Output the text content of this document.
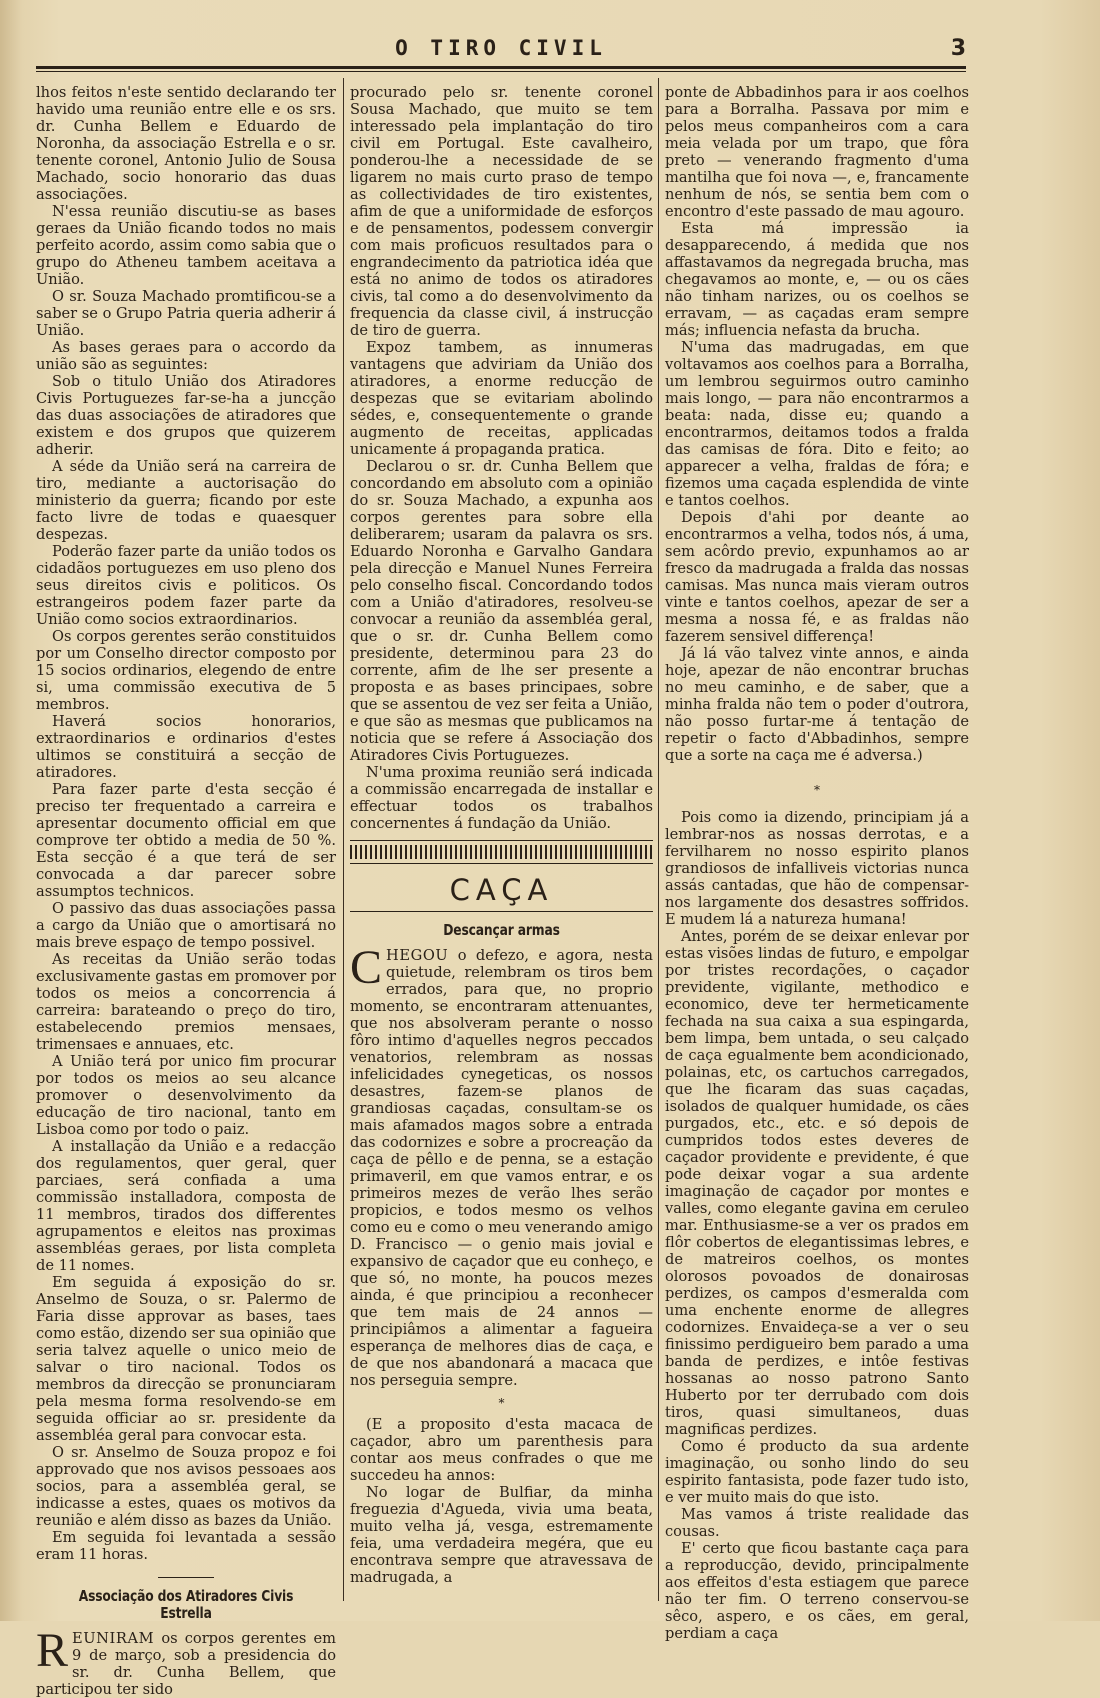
O TIRO CIVIL	3

lhos feitos n'este sentido declarando ter havido uma reunião entre elle e os srs. dr. Cunha Bellem e Eduardo de Noronha, da associação Estrella e o sr. tenente coronel, Antonio Julio de Sousa Machado, socio honorario das duas associações.

N'essa reunião discutiu-se as bases geraes da União ficando todos no mais perfeito acordo, assim como sabia que o grupo do Atheneu tambem aceitava a União.

O sr. Souza Machado promtificou-se a saber se o Grupo Patria queria adherir á União.

As bases geraes para o accordo da união são as seguintes:

Sob o titulo União dos Atiradores Civis Portuguezes far-se-ha a juncção das duas associações de atiradores que existem e dos grupos que quizerem adherir.

A séde da União será na carreira de tiro, mediante a auctorisação do ministerio da guerra; ficando por este facto livre de todas e quaesquer despezas.

Poderão fazer parte da união todos os cidadãos portuguezes em uso pleno dos seus direitos civis e politicos. Os estrangeiros podem fazer parte da União como socios extraordinarios.

Os corpos gerentes serão constituidos por um Conselho director composto por 15 socios ordinarios, elegendo de entre si, uma commissão executiva de 5 membros.

Haverá socios honorarios, extraordinarios e ordinarios d'estes ultimos se constituirá a secção de atiradores.

Para fazer parte d'esta secção é preciso ter frequentado a carreira e apresentar documento official em que comprove ter obtido a media de 50 %. Esta secção é a que terá de ser convocada a dar parecer sobre assumptos technicos.

O passivo das duas associações passa a cargo da União que o amortisará no mais breve espaço de tempo possivel.

As receitas da União serão todas exclusivamente gastas em promover por todos os meios a concorrencia á carreira: barateando o preço do tiro, estabelecendo premios mensaes, trimensaes e annuaes, etc.

A União terá por unico fim procurar por todos os meios ao seu alcance promover o desenvolvimento da educação de tiro nacional, tanto em Lisboa como por todo o paiz.

A installação da União e a redacção dos regulamentos, quer geral, quer parciaes, será confiada a uma commissão installadora, composta de 11 membros, tirados dos differentes agrupamentos e eleitos nas proximas assembléas geraes, por lista completa de 11 nomes.

Em seguida á exposição do sr. Anselmo de Souza, o sr. Palermo de Faria disse approvar as bases, taes como estão, dizendo ser sua opinião que seria talvez aquelle o unico meio de salvar o tiro nacional. Todos os membros da direcção se pronunciaram pela mesma forma resolvendo-se em seguida officiar ao sr. presidente da assembléa geral para convocar esta.

O sr. Anselmo de Souza propoz e foi approvado que nos avisos pessoaes aos socios, para a assembléa geral, se indicasse a estes, quaes os motivos da reunião e além disso as bazes da União.

Em seguida foi levantada a sessão eram 11 horas.

Associação dos Atiradores Civis Estrella

REUNIRAM os corpos gerentes em 9 de março, sob a presidencia do sr. dr. Cunha Bellem, que participou ter sido

procurado pelo sr. tenente coronel Sousa Machado, que muito se tem interessado pela implantação do tiro civil em Portugal. Este cavalheiro, ponderou-lhe a necessidade de se ligarem no mais curto praso de tempo as collectividades de tiro existentes, afim de que a uniformidade de esforços e de pensamentos, podessem convergir com mais proficuos resultados para o engrandecimento da patriotica idéa que está no animo de todos os atiradores civis, tal como a do desenvolvimento da frequencia da classe civil, á instrucção de tiro de guerra.

Expoz tambem, as innumeras vantagens que adviriam da União dos atiradores, a enorme reducção de despezas que se evitariam abolindo sédes, e, consequentemente o grande augmento de receitas, applicadas unicamente á propaganda pratica.

Declarou o sr. dr. Cunha Bellem que concordando em absoluto com a opinião do sr. Souza Machado, a expunha aos corpos gerentes para sobre ella deliberarem; usaram da palavra os srs. Eduardo Noronha e Garvalho Gandara pela direcção e Manuel Nunes Ferreira pelo conselho fiscal. Concordando todos com a União d'atiradores, resolveu-se convocar a reunião da assembléa geral, que o sr. dr. Cunha Bellem como presidente, determinou para 23 do corrente, afim de lhe ser presente a proposta e as bases principaes, sobre que se assentou de vez ser feita a União, e que são as mesmas que publicamos na noticia que se refere á Associação dos Atiradores Civis Portuguezes.

N'uma proxima reunião será indicada a commissão encarregada de installar e effectuar todos os trabalhos concernentes á fundação da União.

CAÇA
Descançar armas

CHEGOU o defezo, e agora, nesta quietude, relembram os tiros bem errados, para que, no proprio momento, se encontraram attenuantes, que nos absolveram perante o nosso fôro intimo d'aquelles negros peccados venatorios, relembram as nossas infelicidades cynegeticas, os nossos desastres, fazem-se planos de grandiosas caçadas, consultam-se os mais afamados magos sobre a entrada das codornizes e sobre a procreação da caça de pêllo e de penna, se a estação primaveril, em que vamos entrar, e os primeiros mezes de verão lhes serão propicios, e todos mesmo os velhos como eu e como o meu venerando amigo D. Francisco — o genio mais jovial e expansivo de caçador que eu conheço, e que só, no monte, ha poucos mezes ainda, é que principiou a reconhecer que tem mais de 24 annos — principiâmos a alimentar a fagueira esperança de melhores dias de caça, e de que nos abandonará a macaca que nos perseguia sempre.

*

(E a proposito d'esta macaca de caçador, abro um parenthesis para contar aos meus confrades o que me succedeu ha annos:

No logar de Bulfiar, da minha freguezia d'Agueda, vivia uma beata, muito velha já, vesga, estremamente feia, uma verdadeira megéra, que eu encontrava sempre que atravessava de madrugada, a

ponte de Abbadinhos para ir aos coelhos para a Borralha. Passava por mim e pelos meus companheiros com a cara meia velada por um trapo, que fôra preto — venerando fragmento d'uma mantilha que foi nova —, e, francamente nenhum de nós, se sentia bem com o encontro d'este passado de mau agouro.

Esta má impressão ia desapparecendo, á medida que nos affastavamos da negregada brucha, mas chegavamos ao monte, e, — ou os cães não tinham narizes, ou os coelhos se erravam, — as caçadas eram sempre más; influencia nefasta da brucha.

N'uma das madrugadas, em que voltavamos aos coelhos para a Borralha, um lembrou seguirmos outro caminho mais longo, — para não encontrarmos a beata: nada, disse eu; quando a encontrarmos, deitamos todos a fralda das camisas de fóra. Dito e feito; ao apparecer a velha, fraldas de fóra; e fizemos uma caçada esplendida de vinte e tantos coelhos.

Depois d'ahi por deante ao encontrarmos a velha, todos nós, á uma, sem acôrdo previo, expunhamos ao ar fresco da madrugada a fralda das nossas camisas. Mas nunca mais vieram outros vinte e tantos coelhos, apezar de ser a mesma a nossa fé, e as fraldas não fazerem sensivel differença!

Já lá vão talvez vinte annos, e ainda hoje, apezar de não encontrar bruchas no meu caminho, e de saber, que a minha fralda não tem o poder d'outrora, não posso furtar-me á tentação de repetir o facto d'Abbadinhos, sempre que a sorte na caça me é adversa.)

*

Pois como ia dizendo, principiam já a lembrar-nos as nossas derrotas, e a fervilharem no nosso espirito planos grandiosos de infalliveis victorias nunca assás cantadas, que hão de compensar-nos largamente dos desastres soffridos. E mudem lá a natureza humana!

Antes, porém de se deixar enlevar por estas visões lindas de futuro, e empolgar por tristes recordações, o caçador previdente, vigilante, methodico e economico, deve ter hermeticamente fechada na sua caixa a sua espingarda, bem limpa, bem untada, o seu calçado de caça egualmente bem acondicionado, polainas, etc, os cartuchos carregados, que lhe ficaram das suas caçadas, isolados de qualquer humidade, os cães purgados, etc., etc. e só depois de cumpridos todos estes deveres de caçador providente e previdente, é que pode deixar vogar a sua ardente imaginação de caçador por montes e valles, como elegante gavina em ceruleo mar. Enthusiasme-se a ver os prados em flôr cobertos de elegantissimas lebres, e de matreiros coelhos, os montes olorosos povoados de donairosas perdizes, os campos d'esmeralda com uma enchente enorme de allegres codornizes. Envaideça-se a ver o seu finissimo perdigueiro bem parado a uma banda de perdizes, e intôe festivas hossanas ao nosso patrono Santo Huberto por ter derrubado com dois tiros, quasi simultaneos, duas magnificas perdizes.

Como é producto da sua ardente imaginação, ou sonho lindo do seu espirito fantasista, pode fazer tudo isto, e ver muito mais do que isto.

Mas vamos á triste realidade das cousas.

E' certo que ficou bastante caça para a reproducção, devido, principalmente aos effeitos d'esta estiagem que parece não ter fim. O terreno conservou-se sêco, aspero, e os cães, em geral, perdiam a caça
